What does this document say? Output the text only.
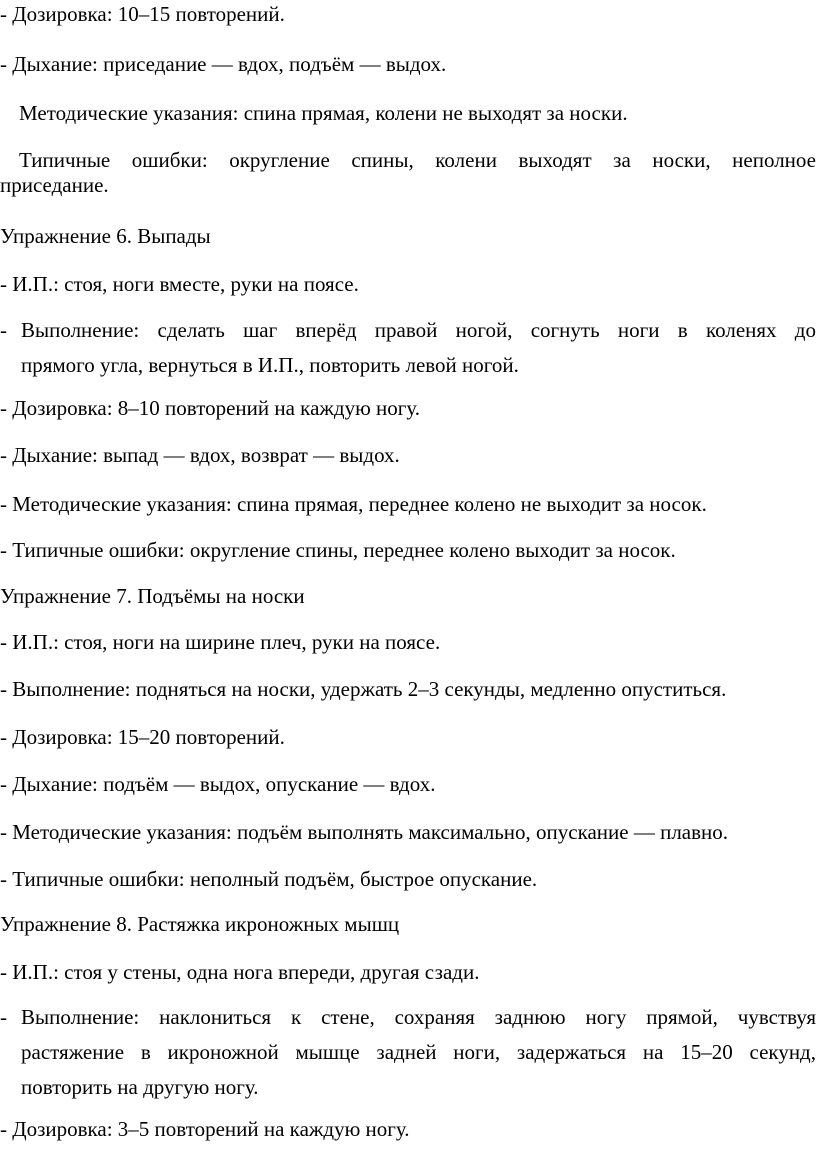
- Дозировка: 10–15 повторений.
- Дыхание: приседание — вдох, подъём — выдох.
Методические указания: спина прямая, колени не выходят за носки.
Типичные ошибки: округление спины, колени выходят за носки, неполное
приседание.
Упражнение 6. Выпады
- И.П.: стоя, ноги вместе, руки на поясе.
- Выполнение: сделать шаг вперёд правой ногой, согнуть ноги в коленях до
прямого угла, вернуться в И.П., повторить левой ногой.
- Дозировка: 8–10 повторений на каждую ногу.
- Дыхание: выпад — вдох, возврат — выдох.
- Методические указания: спина прямая, переднее колено не выходит за носок.
- Типичные ошибки: округление спины, переднее колено выходит за носок.
Упражнение 7. Подъёмы на носки
- И.П.: стоя, ноги на ширине плеч, руки на поясе.
- Выполнение: подняться на носки, удержать 2–3 секунды, медленно опуститься.
- Дозировка: 15–20 повторений.
- Дыхание: подъём — выдох, опускание — вдох.
- Методические указания: подъём выполнять максимально, опускание — плавно.
- Типичные ошибки: неполный подъём, быстрое опускание.
Упражнение 8. Растяжка икроножных мышц
- И.П.: стоя у стены, одна нога впереди, другая сзади.
- Выполнение: наклониться к стене, сохраняя заднюю ногу прямой, чувствуя
растяжение в икроножной мышце задней ноги, задержаться на 15–20 секунд,
повторить на другую ногу.
- Дозировка: 3–5 повторений на каждую ногу.
